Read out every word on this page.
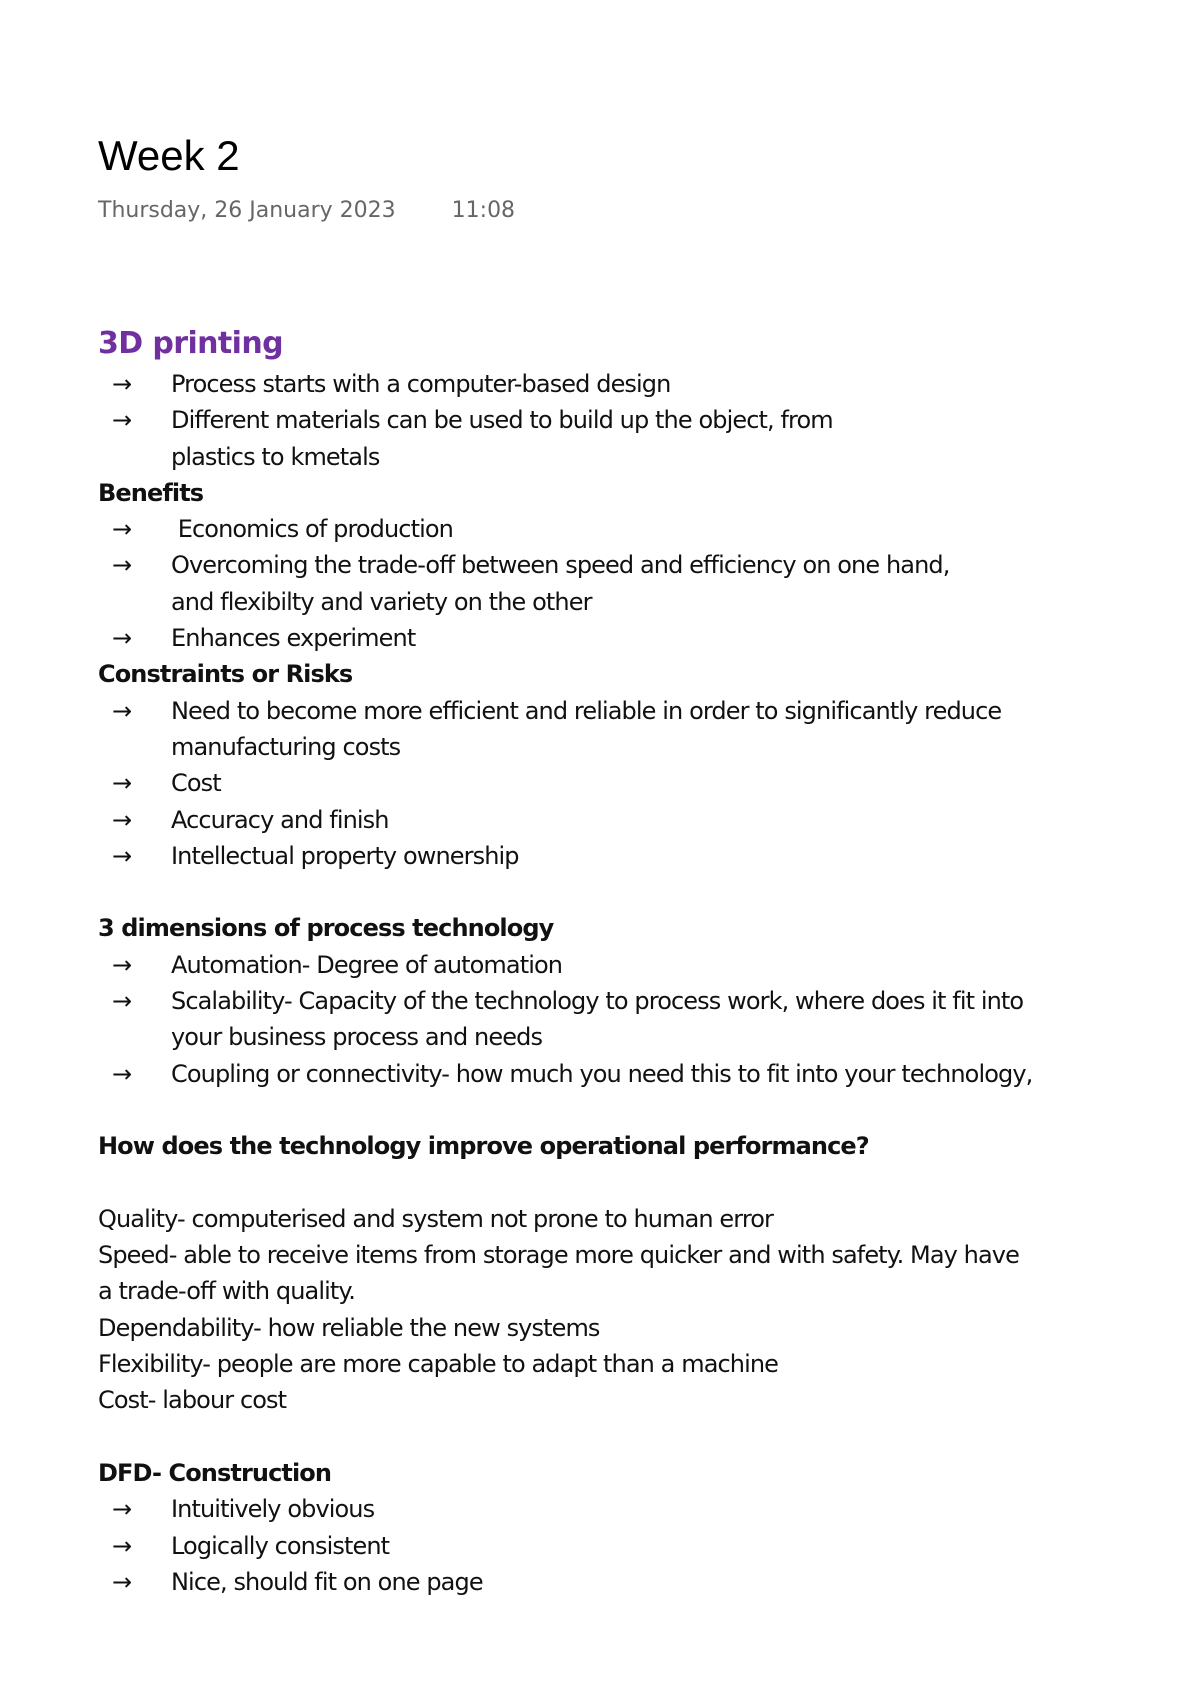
Week 2
Thursday, 26 January 2023	11:08
3D printing
→ Process starts with a computer-based design
→ Different materials can be used to build up the object, from plastics to kmetals
Benefits
→ Economics of production
→ Overcoming the trade-off between speed and efficiency on one hand, and flexibilty and variety on the other
→ Enhances experiment
Constraints or Risks
→ Need to become more efficient and reliable in order to significantly reduce manufacturing costs
→ Cost
→ Accuracy and finish
→ Intellectual property ownership
3 dimensions of process technology
→ Automation- Degree of automation
→ Scalability- Capacity of the technology to process work, where does it fit into your business process and needs
→ Coupling or connectivity- how much you need this to fit into your technology,
How does the technology improve operational performance?
Quality- computerised and system not prone to human error
Speed- able to receive items from storage more quicker and with safety. May have
a trade-off with quality.
Dependability- how reliable the new systems
Flexibility- people are more capable to adapt than a machine
Cost- labour cost
DFD- Construction
→ Intuitively obvious
→ Logically consistent
→ Nice, should fit on one page
